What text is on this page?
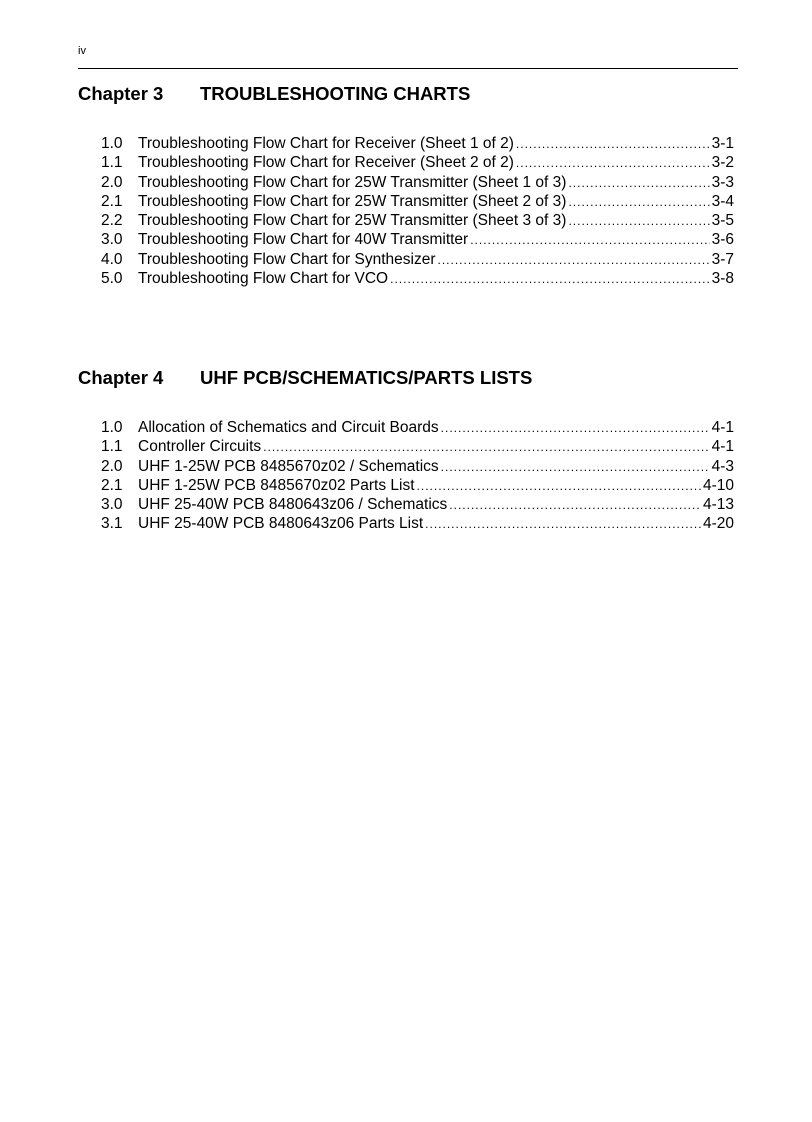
iv
Chapter 3 TROUBLESHOOTING CHARTS
1.0 Troubleshooting Flow Chart for Receiver (Sheet 1 of 2) .....	3-1
1.1 Troubleshooting Flow Chart for Receiver (Sheet 2 of 2) .....	3-2
2.0 Troubleshooting Flow Chart for 25W Transmitter (Sheet 1 of 3) .....	3-3
2.1 Troubleshooting Flow Chart for 25W Transmitter (Sheet 2 of 3) .....	3-4
2.2 Troubleshooting Flow Chart for 25W Transmitter (Sheet 3 of 3) .....	3-5
3.0 Troubleshooting Flow Chart for 40W Transmitter .....	3-6
4.0 Troubleshooting Flow Chart for Synthesizer .....	3-7
5.0 Troubleshooting Flow Chart for VCO .....	3-8
Chapter 4 UHF PCB/SCHEMATICS/PARTS LISTS
1.0 Allocation of Schematics and Circuit Boards .....	4-1
1.1 Controller Circuits .....	4-1
2.0 UHF 1-25W PCB 8485670z02 / Schematics .....	4-3
2.1 UHF 1-25W PCB 8485670z02 Parts List .....	4-10
3.0 UHF 25-40W PCB 8480643z06 / Schematics .....	4-13
3.1 UHF 25-40W PCB 8480643z06 Parts List .....	4-20
